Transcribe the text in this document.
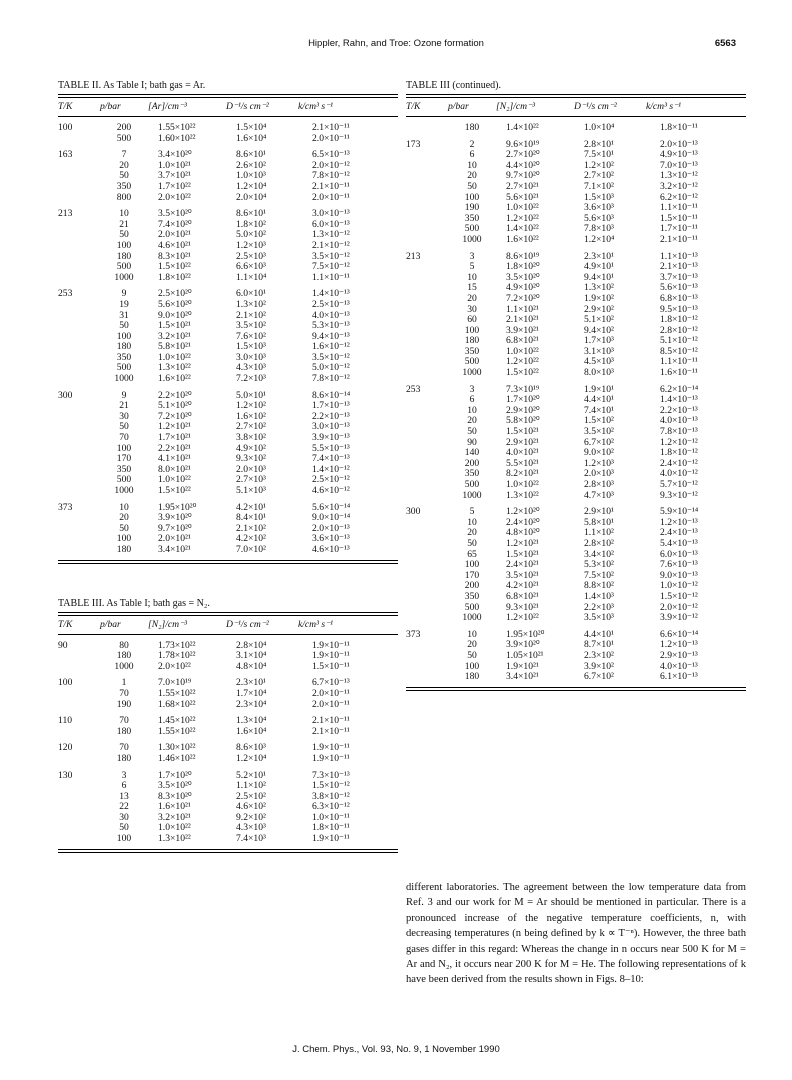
Hippler, Rahn, and Troe: Ozone formation	6563
TABLE II. As Table I; bath gas = Ar.
T/K	p/bar	[Ar]/cm⁻³	D⁻¹/s cm⁻²	k/cm³ s⁻¹
100	200	1.55×10²²	1.5×10⁴	2.1×10⁻¹¹
	500	1.60×10²²	1.6×10⁴	2.0×10⁻¹¹
163	7	3.4×10²⁰	8.6×10¹	6.5×10⁻¹³
	20	1.0×10²¹	2.6×10²	2.0×10⁻¹²
	50	3.7×10²¹	1.0×10³	7.8×10⁻¹²
	350	1.7×10²²	1.2×10⁴	2.1×10⁻¹¹
	800	2.0×10²²	2.0×10⁴	2.0×10⁻¹¹
213	10	3.5×10²⁰	8.6×10¹	3.0×10⁻¹³
	21	7.4×10²⁰	1.8×10²	6.0×10⁻¹³
	50	2.0×10²¹	5.0×10²	1.3×10⁻¹²
	100	4.6×10²¹	1.2×10³	2.1×10⁻¹²
	180	8.3×10²¹	2.5×10³	3.5×10⁻¹²
	500	1.5×10²²	6.6×10³	7.5×10⁻¹²
	1000	1.8×10²²	1.1×10⁴	1.1×10⁻¹¹
253	9	2.5×10²⁰	6.0×10¹	1.4×10⁻¹³
	19	5.6×10²⁰	1.3×10²	2.5×10⁻¹³
	31	9.0×10²⁰	2.1×10²	4.0×10⁻¹³
	50	1.5×10²¹	3.5×10²	5.3×10⁻¹³
	100	3.2×10²¹	7.6×10²	9.4×10⁻¹³
	180	5.8×10²¹	1.5×10³	1.6×10⁻¹²
	350	1.0×10²²	3.0×10³	3.5×10⁻¹²
	500	1.3×10²²	4.3×10³	5.0×10⁻¹²
	1000	1.6×10²²	7.2×10³	7.8×10⁻¹²
300	9	2.2×10²⁰	5.0×10¹	8.6×10⁻¹⁴
	21	5.1×10²⁰	1.2×10²	1.7×10⁻¹³
	30	7.2×10²⁰	1.6×10²	2.2×10⁻¹³
	50	1.2×10²¹	2.7×10²	3.0×10⁻¹³
	70	1.7×10²¹	3.8×10²	3.9×10⁻¹³
	100	2.2×10²¹	4.9×10²	5.5×10⁻¹³
	170	4.1×10²¹	9.3×10²	7.4×10⁻¹³
	350	8.0×10²¹	2.0×10³	1.4×10⁻¹²
	500	1.0×10²²	2.7×10³	2.5×10⁻¹²
	1000	1.5×10²²	5.1×10³	4.6×10⁻¹²
373	10	1.95×10²⁰	4.2×10¹	5.6×10⁻¹⁴
	20	3.9×10²⁰	8.4×10¹	9.0×10⁻¹⁴
	50	9.7×10²⁰	2.1×10²	2.0×10⁻¹³
	100	2.0×10²¹	4.2×10²	3.6×10⁻¹³
	180	3.4×10²¹	7.0×10²	4.6×10⁻¹³
TABLE III. As Table I; bath gas = N₂.
T/K	p/bar	[N₂]/cm⁻³	D⁻¹/s cm⁻²	k/cm³ s⁻¹
90	80	1.73×10²²	2.8×10⁴	1.9×10⁻¹¹
	180	1.78×10²²	3.1×10⁴	1.9×10⁻¹¹
	1000	2.0×10²²	4.8×10⁴	1.5×10⁻¹¹
100	1	7.0×10¹⁹	2.3×10¹	6.7×10⁻¹³
	70	1.55×10²²	1.7×10⁴	2.0×10⁻¹¹
	190	1.68×10²²	2.3×10⁴	2.0×10⁻¹¹
110	70	1.45×10²²	1.3×10⁴	2.1×10⁻¹¹
	180	1.55×10²²	1.6×10⁴	2.1×10⁻¹¹
120	70	1.30×10²²	8.6×10³	1.9×10⁻¹¹
	180	1.46×10²²	1.2×10⁴	1.9×10⁻¹¹
130	3	1.7×10²⁰	5.2×10¹	7.3×10⁻¹³
	6	3.5×10²⁰	1.1×10²	1.5×10⁻¹²
	13	8.3×10²⁰	2.5×10²	3.8×10⁻¹²
	22	1.6×10²¹	4.6×10²	6.3×10⁻¹²
	30	3.2×10²¹	9.2×10²	1.0×10⁻¹¹
	50	1.0×10²²	4.3×10³	1.8×10⁻¹¹
	100	1.3×10²²	7.4×10³	1.9×10⁻¹¹
TABLE III (continued).
T/K	p/bar	[N₂]/cm⁻³	D⁻¹/s cm⁻²	k/cm³ s⁻¹
	180	1.4×10²²	1.0×10⁴	1.8×10⁻¹¹
173	2	9.6×10¹⁹	2.8×10¹	2.0×10⁻¹³
	6	2.7×10²⁰	7.5×10¹	4.9×10⁻¹³
	10	4.4×10²⁰	1.2×10²	7.0×10⁻¹³
	20	9.7×10²⁰	2.7×10²	1.3×10⁻¹²
	50	2.7×10²¹	7.1×10²	3.2×10⁻¹²
	100	5.6×10²¹	1.5×10³	6.2×10⁻¹²
	190	1.0×10²²	3.6×10³	1.1×10⁻¹¹
	350	1.2×10²²	5.6×10³	1.5×10⁻¹¹
	500	1.4×10²²	7.8×10³	1.7×10⁻¹¹
	1000	1.6×10²²	1.2×10⁴	2.1×10⁻¹¹
213	3	8.6×10¹⁹	2.3×10¹	1.1×10⁻¹³
	5	1.8×10²⁰	4.9×10¹	2.1×10⁻¹³
	10	3.5×10²⁰	9.4×10¹	3.7×10⁻¹³
	15	4.9×10²⁰	1.3×10²	5.6×10⁻¹³
	20	7.2×10²⁰	1.9×10²	6.8×10⁻¹³
	30	1.1×10²¹	2.9×10²	9.5×10⁻¹³
	60	2.1×10²¹	5.1×10²	1.8×10⁻¹²
	100	3.9×10²¹	9.4×10²	2.8×10⁻¹²
	180	6.8×10²¹	1.7×10³	5.1×10⁻¹²
	350	1.0×10²²	3.1×10³	8.5×10⁻¹²
	500	1.2×10²²	4.5×10³	1.1×10⁻¹¹
	1000	1.5×10²²	8.0×10³	1.6×10⁻¹¹
253	3	7.3×10¹⁹	1.9×10¹	6.2×10⁻¹⁴
	6	1.7×10²⁰	4.4×10¹	1.4×10⁻¹³
	10	2.9×10²⁰	7.4×10¹	2.2×10⁻¹³
	20	5.8×10²⁰	1.5×10²	4.0×10⁻¹³
	50	1.5×10²¹	3.5×10²	7.8×10⁻¹³
	90	2.9×10²¹	6.7×10²	1.2×10⁻¹²
	140	4.0×10²¹	9.0×10²	1.8×10⁻¹²
	200	5.5×10²¹	1.2×10³	2.4×10⁻¹²
	350	8.2×10²¹	2.0×10³	4.0×10⁻¹²
	500	1.0×10²²	2.8×10³	5.7×10⁻¹²
	1000	1.3×10²²	4.7×10³	9.3×10⁻¹²
300	5	1.2×10²⁰	2.9×10¹	5.9×10⁻¹⁴
	10	2.4×10²⁰	5.8×10¹	1.2×10⁻¹³
	20	4.8×10²⁰	1.1×10²	2.4×10⁻¹³
	50	1.2×10²¹	2.8×10²	5.4×10⁻¹³
	65	1.5×10²¹	3.4×10²	6.0×10⁻¹³
	100	2.4×10²¹	5.3×10²	7.6×10⁻¹³
	170	3.5×10²¹	7.5×10²	9.0×10⁻¹³
	200	4.2×10²¹	8.8×10²	1.0×10⁻¹²
	350	6.8×10²¹	1.4×10³	1.5×10⁻¹²
	500	9.3×10²¹	2.2×10³	2.0×10⁻¹²
	1000	1.2×10²²	3.5×10³	3.9×10⁻¹²
373	10	1.95×10²⁰	4.4×10¹	6.6×10⁻¹⁴
	20	3.9×10²⁰	8.7×10¹	1.2×10⁻¹³
	50	1.05×10²¹	2.3×10²	2.9×10⁻¹³
	100	1.9×10²¹	3.9×10²	4.0×10⁻¹³
	180	3.4×10²¹	6.7×10²	6.1×10⁻¹³

different laboratories. The agreement between the low temperature data from Ref. 3 and our work for M = Ar should be mentioned in particular. There is a pronounced increase of the negative temperature coefficients, n, with decreasing temperatures (n being defined by k ∝ T⁻ⁿ). However, the three bath gases differ in this regard: Whereas the change in n occurs near 500 K for M = Ar and N₂, it occurs near 200 K for M = He. The following representations of k have been derived from the results shown in Figs. 8–10:

J. Chem. Phys., Vol. 93, No. 9, 1 November 1990
